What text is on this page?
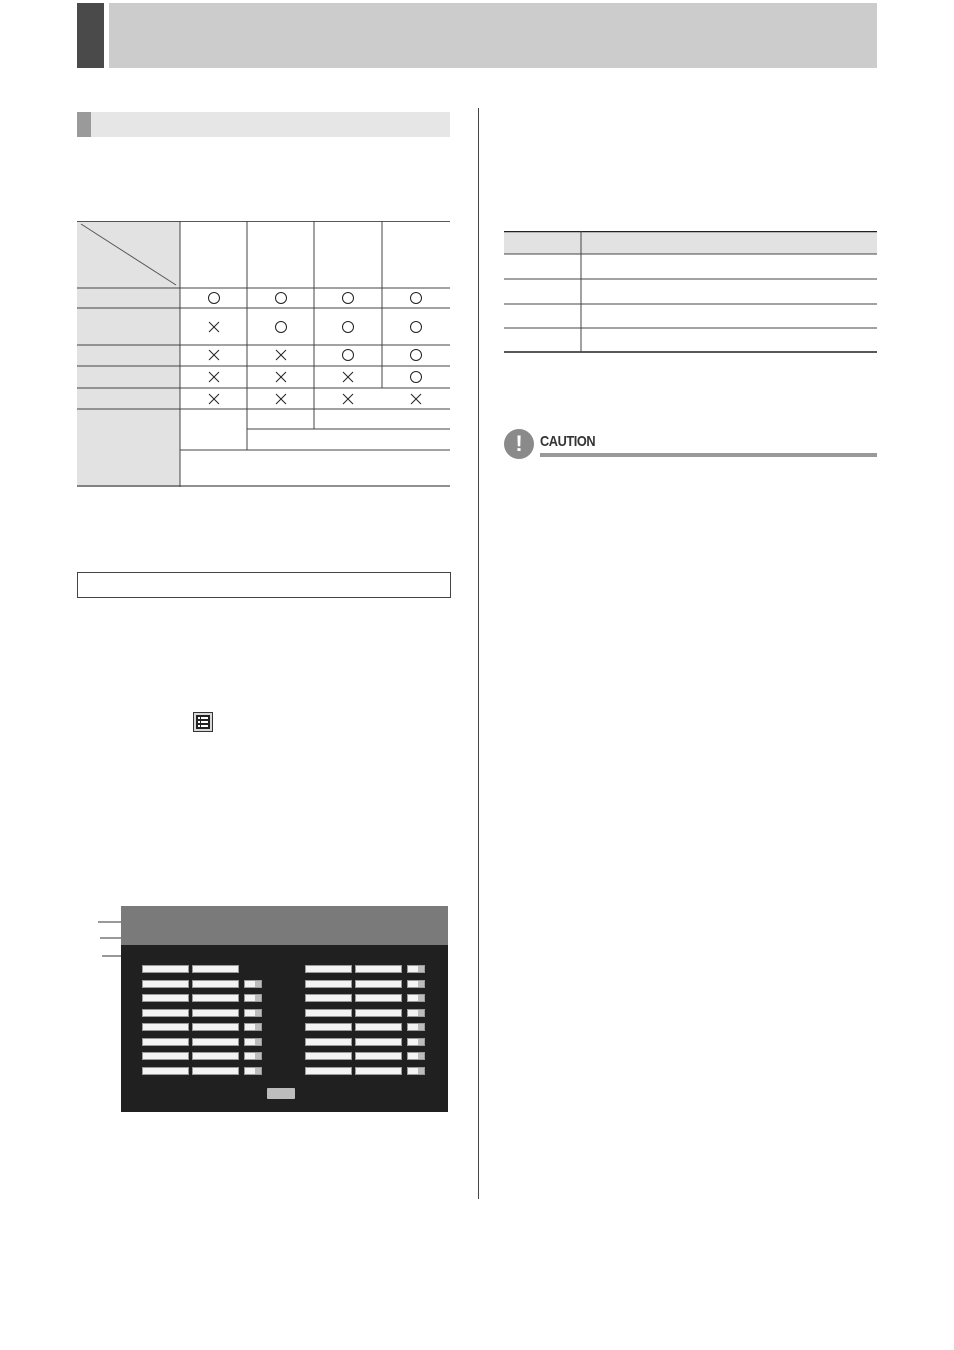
!	CAUTION
